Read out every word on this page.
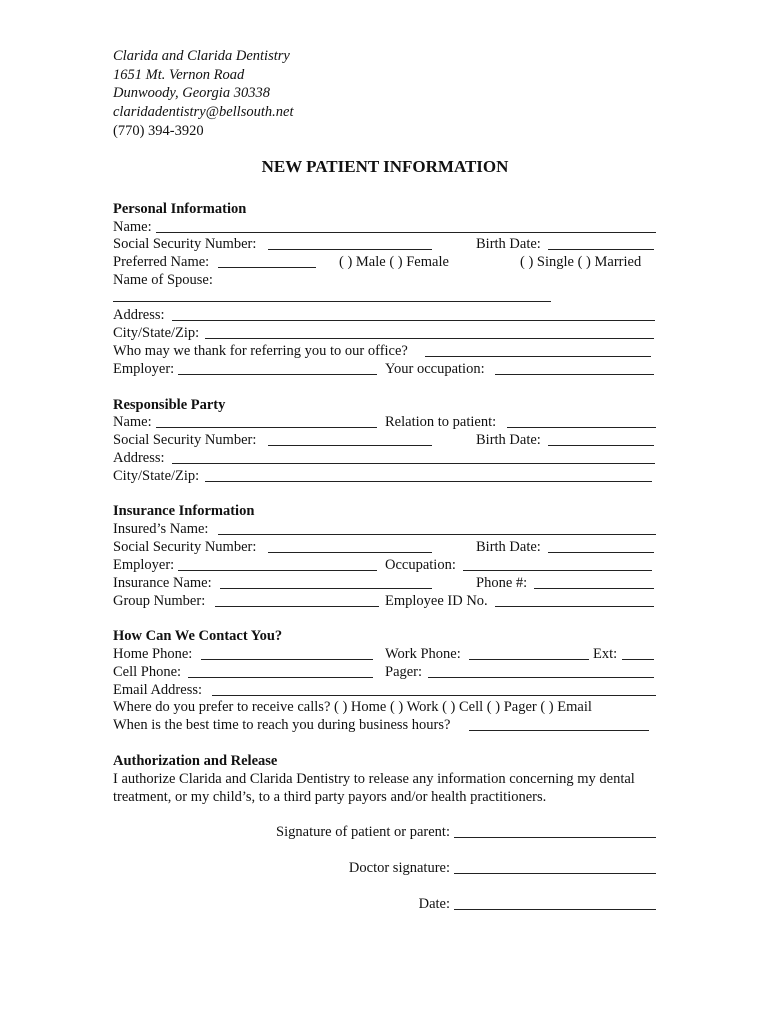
Clarida and Clarida Dentistry
1651 Mt. Vernon Road
Dunwoody, Georgia 30338
claridadentistry@bellsouth.net
(770) 394-3920
NEW PATIENT INFORMATION
Personal Information
Name:
Social Security Number:	Birth Date:
Preferred Name:	( ) Male ( ) Female	( ) Single ( ) Married
Name of Spouse:
Address:
City/State/Zip:
Who may we thank for referring you to our office?
Employer:	Your occupation:
Responsible Party
Name:	Relation to patient:
Social Security Number:	Birth Date:
Address:
City/State/Zip:
Insurance Information
Insured’s Name:
Social Security Number:	Birth Date:
Employer:	Occupation:
Insurance Name:	Phone #:
Group Number:	Employee ID No.
How Can We Contact You?
Home Phone:	Work Phone:	Ext:
Cell Phone:	Pager:
Email Address:
Where do you prefer to receive calls? ( ) Home ( ) Work ( ) Cell ( ) Pager ( ) Email
When is the best time to reach you during business hours?
Authorization and Release
I authorize Clarida and Clarida Dentistry to release any information concerning my dental
treatment, or my child’s, to a third party payors and/or health practitioners.
Signature of patient or parent:
Doctor signature:
Date:
